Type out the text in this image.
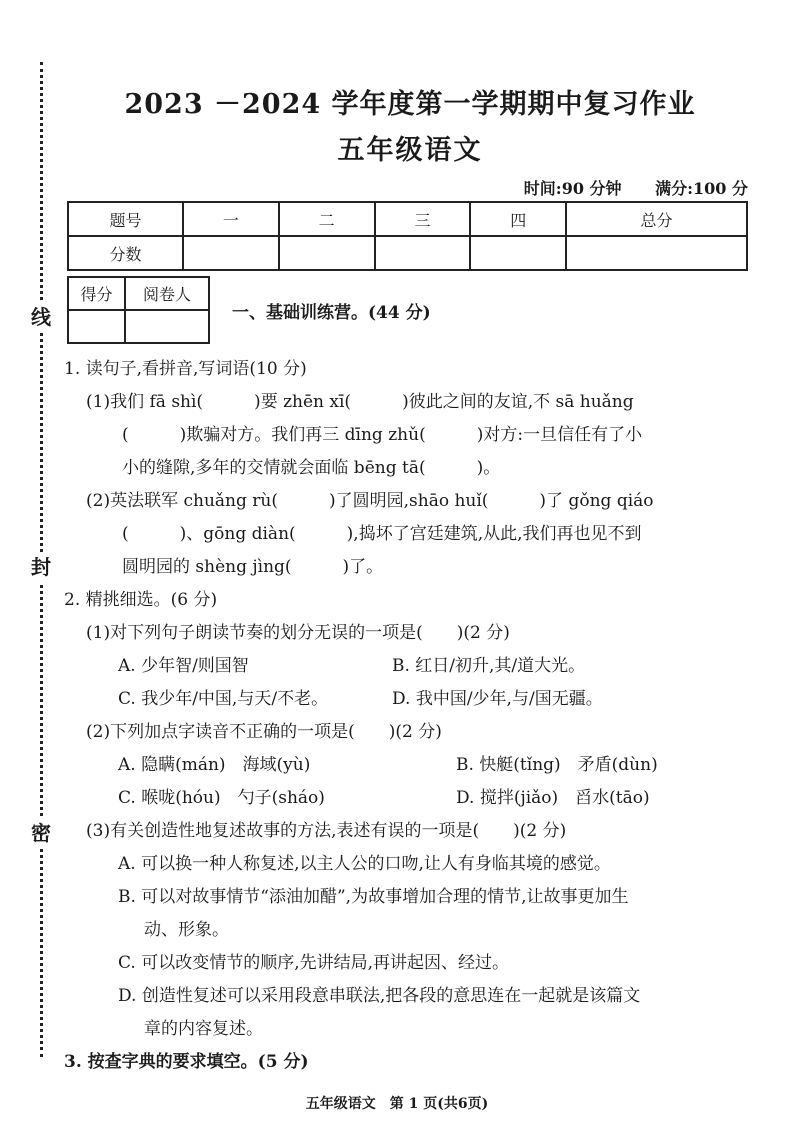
线
封
密
2023 －2024 学年度第一学期期中复习作业
五年级语文
时间:90 分钟 满分:100 分
题号	一	二	三	四	总分
分数					
得分	阅卷人

一、基础训练营。(44 分)
1. 读句子,看拼音,写词语(10 分)
(1)我们 fā shì(　　　)要 zhēn xī(　　　)彼此之间的友谊,不 sā huǎng
(　　　)欺骗对方。我们再三 dīng zhǔ(　　　)对方:一旦信任有了小
小的缝隙,多年的交情就会面临 bēng tā(　　　)。
(2)英法联军 chuǎng rù(　　　)了圆明园,shāo huǐ(　　　)了 gǒng qiáo
(　　　)、gōng diàn(　　　),捣坏了宫廷建筑,从此,我们再也见不到
圆明园的 shèng jìng(　　　)了。
2. 精挑细选。(6 分)
(1)对下列句子朗读节奏的划分无误的一项是(　　)(2 分)
A. 少年智/则国智	B. 红日/初升,其/道大光。
C. 我少年/中国,与天/不老。	D. 我中国/少年,与/国无疆。
(2)下列加点字读音不正确的一项是(　　)(2 分)
A. 隐瞒(mán)　海域(yù)	B. 快艇(tǐng)　矛盾(dùn)
C. 喉咙(hóu)　勺子(sháo)	D. 搅拌(jiǎo)　舀水(tāo)
(3)有关创造性地复述故事的方法,表述有误的一项是(　　)(2 分)
A. 可以换一种人称复述,以主人公的口吻,让人有身临其境的感觉。
B. 可以对故事情节“添油加醋”,为故事增加合理的情节,让故事更加生
动、形象。
C. 可以改变情节的顺序,先讲结局,再讲起因、经过。
D. 创造性复述可以采用段意串联法,把各段的意思连在一起就是该篇文
章的内容复述。
3. 按查字典的要求填空。(5 分)
五年级语文　第 1 页(共6页)
